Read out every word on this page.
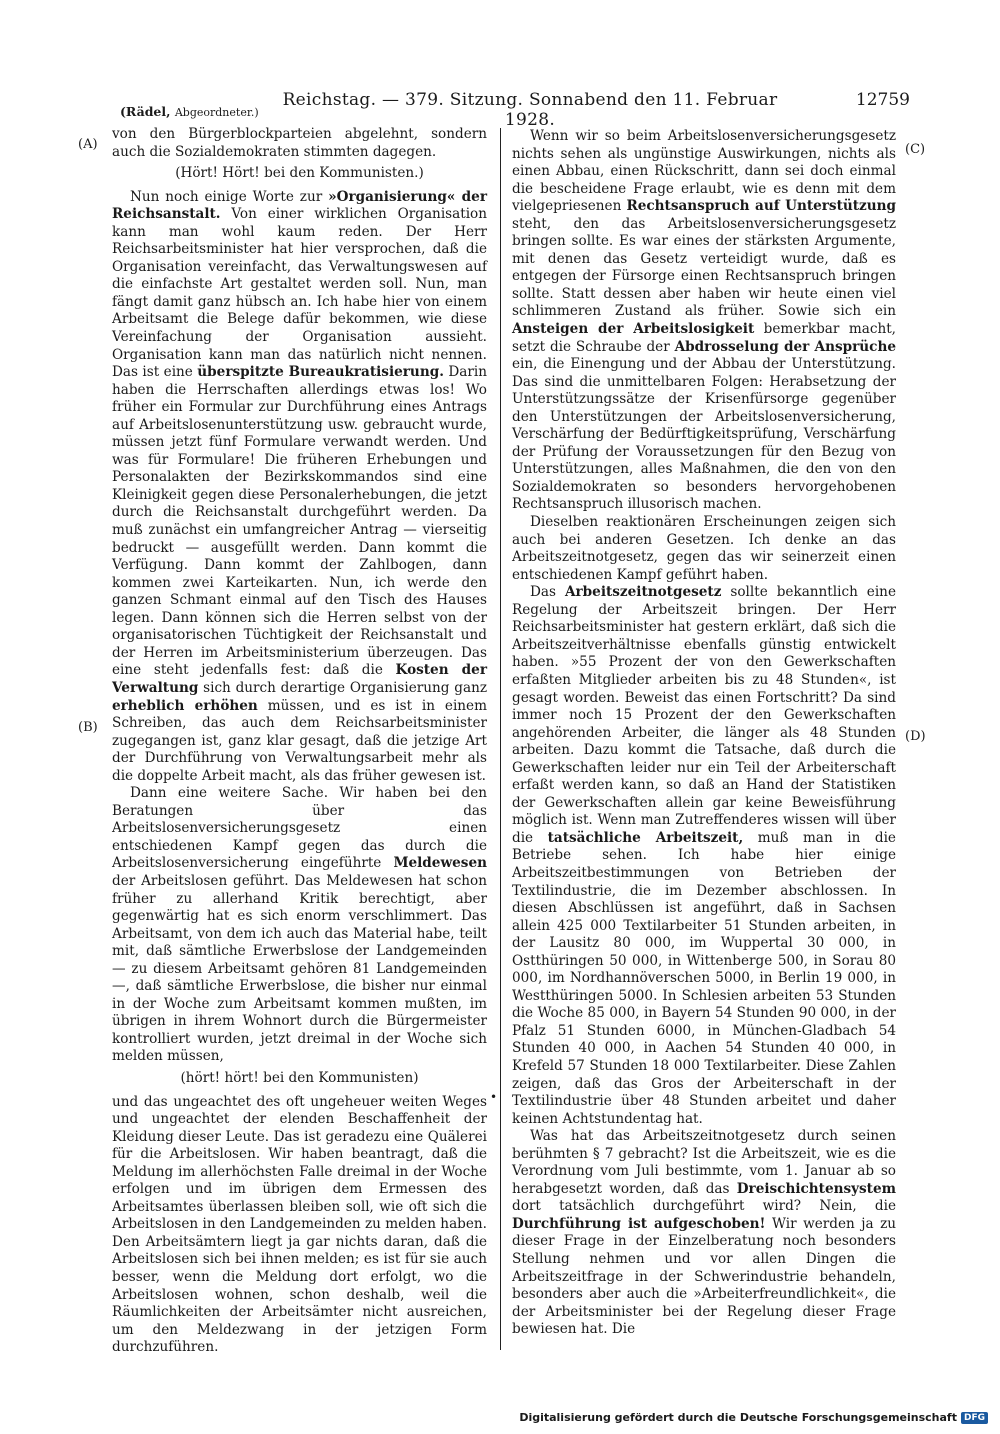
Reichstag. — 379. Sitzung. Sonnabend den 11. Februar 1928.
12759
(Rädel, Abgeordneter.)
(A)
(B)
(C)
(D)
•

von den Bürgerblockparteien abgelehnt, sondern auch die Sozialdemokraten stimmten dagegen.

(Hört! Hört! bei den Kommunisten.)

Nun noch einige Worte zur »Organisierung« der Reichsanstalt. Von einer wirklichen Organisation kann man wohl kaum reden. Der Herr Reichsarbeitsminister hat hier versprochen, daß die Organisation vereinfacht, das Verwaltungswesen auf die einfachste Art gestaltet werden soll. Nun, man fängt damit ganz hübsch an. Ich habe hier von einem Arbeitsamt die Belege dafür bekommen, wie diese Vereinfachung der Organisation aussieht. Organisation kann man das natürlich nicht nennen. Das ist eine überspitzte Bureaukratisierung. Darin haben die Herrschaften allerdings etwas los! Wo früher ein Formular zur Durchführung eines Antrags auf Arbeitslosenunterstützung usw. gebraucht wurde, müssen jetzt fünf Formulare verwandt werden. Und was für Formulare! Die früheren Erhebungen und Personalakten der Bezirkskommandos sind eine Kleinigkeit gegen diese Personalerhebungen, die jetzt durch die Reichsanstalt durchgeführt werden. Da muß zunächst ein umfangreicher Antrag — vierseitig bedruckt — ausgefüllt werden. Dann kommt die Verfügung. Dann kommt der Zahlbogen, dann kommen zwei Karteikarten. Nun, ich werde den ganzen Schmant einmal auf den Tisch des Hauses legen. Dann können sich die Herren selbst von der organisatorischen Tüchtigkeit der Reichsanstalt und der Herren im Arbeitsministerium überzeugen. Das eine steht jedenfalls fest: daß die Kosten der Verwaltung sich durch derartige Organisierung ganz erheblich erhöhen müssen, und es ist in einem Schreiben, das auch dem Reichsarbeitsminister zugegangen ist, ganz klar gesagt, daß die jetzige Art der Durchführung von Verwaltungsarbeit mehr als die doppelte Arbeit macht, als das früher gewesen ist.

Dann eine weitere Sache. Wir haben bei den Beratungen über das Arbeitslosenversicherungsgesetz einen entschiedenen Kampf gegen das durch die Arbeitslosenversicherung eingeführte Meldewesen der Arbeitslosen geführt. Das Meldewesen hat schon früher zu allerhand Kritik berechtigt, aber gegenwärtig hat es sich enorm verschlimmert. Das Arbeitsamt, von dem ich auch das Material habe, teilt mit, daß sämtliche Erwerbslose der Landgemeinden — zu diesem Arbeitsamt gehören 81 Landgemeinden —, daß sämtliche Erwerbslose, die bisher nur einmal in der Woche zum Arbeitsamt kommen mußten, im übrigen in ihrem Wohnort durch die Bürgermeister kontrolliert wurden, jetzt dreimal in der Woche sich melden müssen,

(hört! hört! bei den Kommunisten)

und das ungeachtet des oft ungeheuer weiten Weges und ungeachtet der elenden Beschaffenheit der Kleidung dieser Leute. Das ist geradezu eine Quälerei für die Arbeitslosen. Wir haben beantragt, daß die Meldung im allerhöchsten Falle dreimal in der Woche erfolgen und im übrigen dem Ermessen des Arbeitsamtes überlassen bleiben soll, wie oft sich die Arbeitslosen in den Landgemeinden zu melden haben. Den Arbeitsämtern liegt ja gar nichts daran, daß die Arbeitslosen sich bei ihnen melden; es ist für sie auch besser, wenn die Meldung dort erfolgt, wo die Arbeitslosen wohnen, schon deshalb, weil die Räumlichkeiten der Arbeitsämter nicht ausreichen, um den Meldezwang in der jetzigen Form durchzuführen.

Wenn wir so beim Arbeitslosenversicherungsgesetz nichts sehen als ungünstige Auswirkungen, nichts als einen Abbau, einen Rückschritt, dann sei doch einmal die bescheidene Frage erlaubt, wie es denn mit dem vielgepriesenen Rechtsanspruch auf Unterstützung steht, den das Arbeitslosenversicherungsgesetz bringen sollte. Es war eines der stärksten Argumente, mit denen das Gesetz verteidigt wurde, daß es entgegen der Fürsorge einen Rechtsanspruch bringen sollte. Statt dessen aber haben wir heute einen viel schlimmeren Zustand als früher. Sowie sich ein Ansteigen der Arbeitslosigkeit bemerkbar macht, setzt die Schraube der Abdrosselung der Ansprüche ein, die Einengung und der Abbau der Unterstützung. Das sind die unmittelbaren Folgen: Herabsetzung der Unterstützungssätze der Krisenfürsorge gegenüber den Unterstützungen der Arbeitslosenversicherung, Verschärfung der Bedürftigkeitsprüfung, Verschärfung der Prüfung der Voraussetzungen für den Bezug von Unterstützungen, alles Maßnahmen, die den von den Sozialdemokraten so besonders hervorgehobenen Rechtsanspruch illusorisch machen.

Dieselben reaktionären Erscheinungen zeigen sich auch bei anderen Gesetzen. Ich denke an das Arbeitszeitnotgesetz, gegen das wir seinerzeit einen entschiedenen Kampf geführt haben.

Das Arbeitszeitnotgesetz sollte bekanntlich eine Regelung der Arbeitszeit bringen. Der Herr Reichsarbeitsminister hat gestern erklärt, daß sich die Arbeitszeitverhältnisse ebenfalls günstig entwickelt haben. »55 Prozent der von den Gewerkschaften erfaßten Mitglieder arbeiten bis zu 48 Stunden«, ist gesagt worden. Beweist das einen Fortschritt? Da sind immer noch 15 Prozent der den Gewerkschaften angehörenden Arbeiter, die länger als 48 Stunden arbeiten. Dazu kommt die Tatsache, daß durch die Gewerkschaften leider nur ein Teil der Arbeiterschaft erfaßt werden kann, so daß an Hand der Statistiken der Gewerkschaften allein gar keine Beweisführung möglich ist. Wenn man Zutreffenderes wissen will über die tatsächliche Arbeitszeit, muß man in die Betriebe sehen. Ich habe hier einige Arbeitszeitbestimmungen von Betrieben der Textilindustrie, die im Dezember abschlossen. In diesen Abschlüssen ist angeführt, daß in Sachsen allein 425 000 Textilarbeiter 51 Stunden arbeiten, in der Lausitz 80 000, im Wuppertal 30 000, in Ostthüringen 50 000, in Wittenberge 500, in Sorau 80 000, im Nordhannöverschen 5000, in Berlin 19 000, in Westthüringen 5000. In Schlesien arbeiten 53 Stunden die Woche 85 000, in Bayern 54 Stunden 90 000, in der Pfalz 51 Stunden 6000, in München-Gladbach 54 Stunden 40 000, in Aachen 54 Stunden 40 000, in Krefeld 57 Stunden 18 000 Textilarbeiter. Diese Zahlen zeigen, daß das Gros der Arbeiterschaft in der Textilindustrie über 48 Stunden arbeitet und daher keinen Achtstundentag hat.

Was hat das Arbeitszeitnotgesetz durch seinen berühmten § 7 gebracht? Ist die Arbeitszeit, wie es die Verordnung vom Juli bestimmte, vom 1. Januar ab so herabgesetzt worden, daß das Dreischichtensystem dort tatsächlich durchgeführt wird? Nein, die Durchführung ist aufgeschoben! Wir werden ja zu dieser Frage in der Einzelberatung noch besonders Stellung nehmen und vor allen Dingen die Arbeitszeitfrage in der Schwerindustrie behandeln, besonders aber auch die »Arbeiterfreundlichkeit«, die der Arbeitsminister bei der Regelung dieser Frage bewiesen hat. Die

Digitalisierung gefördert durch die Deutsche Forschungsgemeinschaft DFG
